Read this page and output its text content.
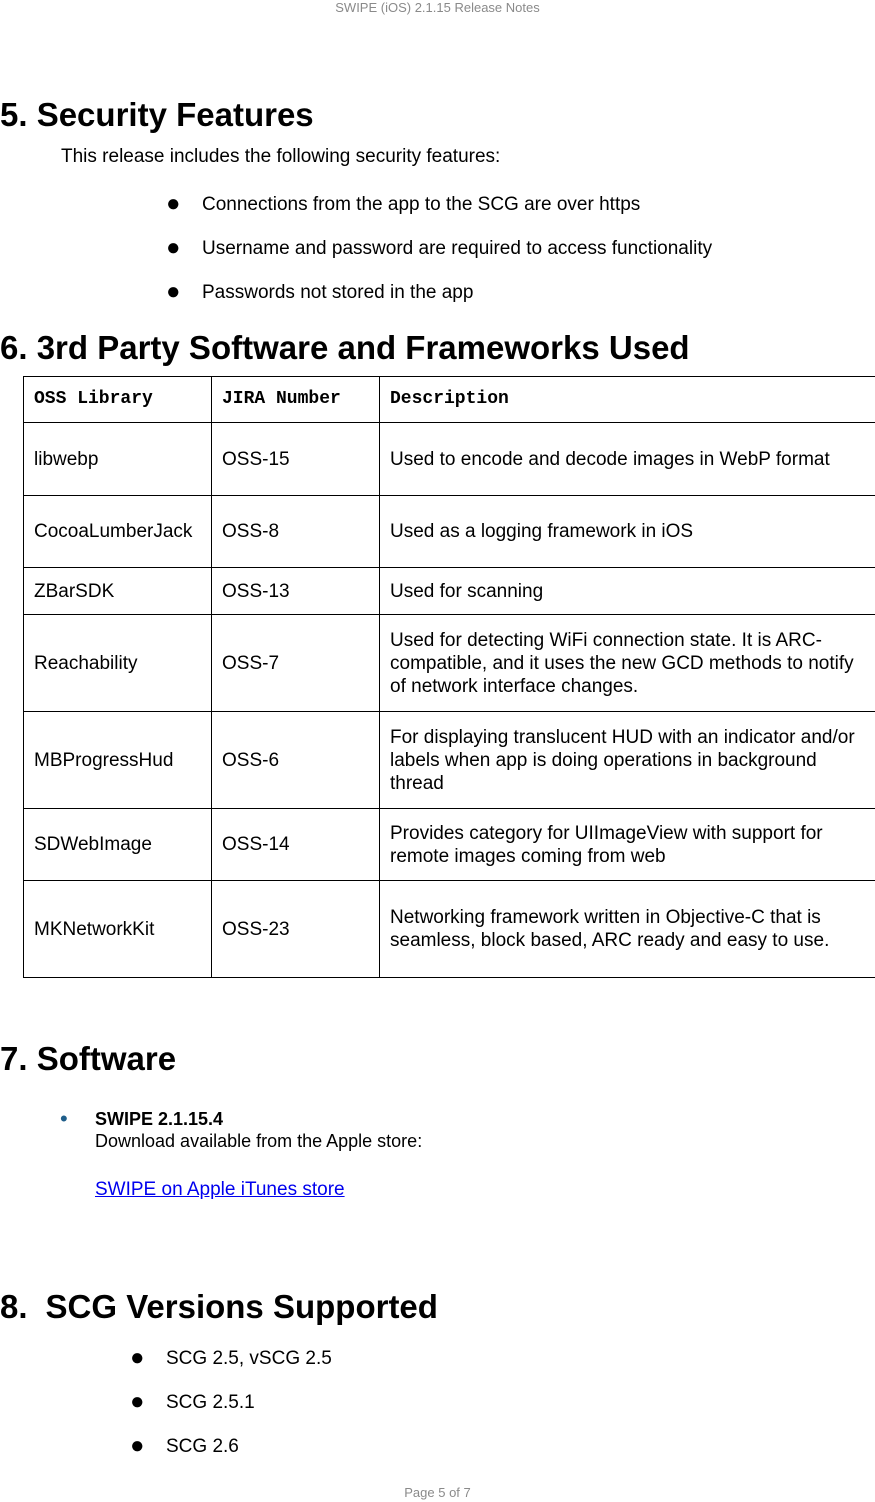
SWIPE (iOS) 2.1.15 Release Notes
5. Security Features
This release includes the following security features:
● Connections from the app to the SCG are over https
● Username and password are required to access functionality
● Passwords not stored in the app
6. 3rd Party Software and Frameworks Used
OSS Library	JIRA Number	Description
libwebp	OSS-15	Used to encode and decode images in WebP format
CocoaLumberJack	OSS-8	Used as a logging framework in iOS
ZBarSDK	OSS-13	Used for scanning
Reachability	OSS-7	Used for detecting WiFi connection state. It is ARC-compatible, and it uses the new GCD methods to notify of network interface changes.
MBProgressHud	OSS-6	For displaying translucent HUD with an indicator and/or labels when app is doing operations in background thread
SDWebImage	OSS-14	Provides category for UIImageView with support for remote images coming from web
MKNetworkKit	OSS-23	Networking framework written in Objective-C that is seamless, block based, ARC ready and easy to use.
7. Software
• SWIPE 2.1.15.4
Download available from the Apple store:
SWIPE on Apple iTunes store
8. SCG Versions Supported
● SCG 2.5, vSCG 2.5
● SCG 2.5.1
● SCG 2.6
Page 5 of 7
